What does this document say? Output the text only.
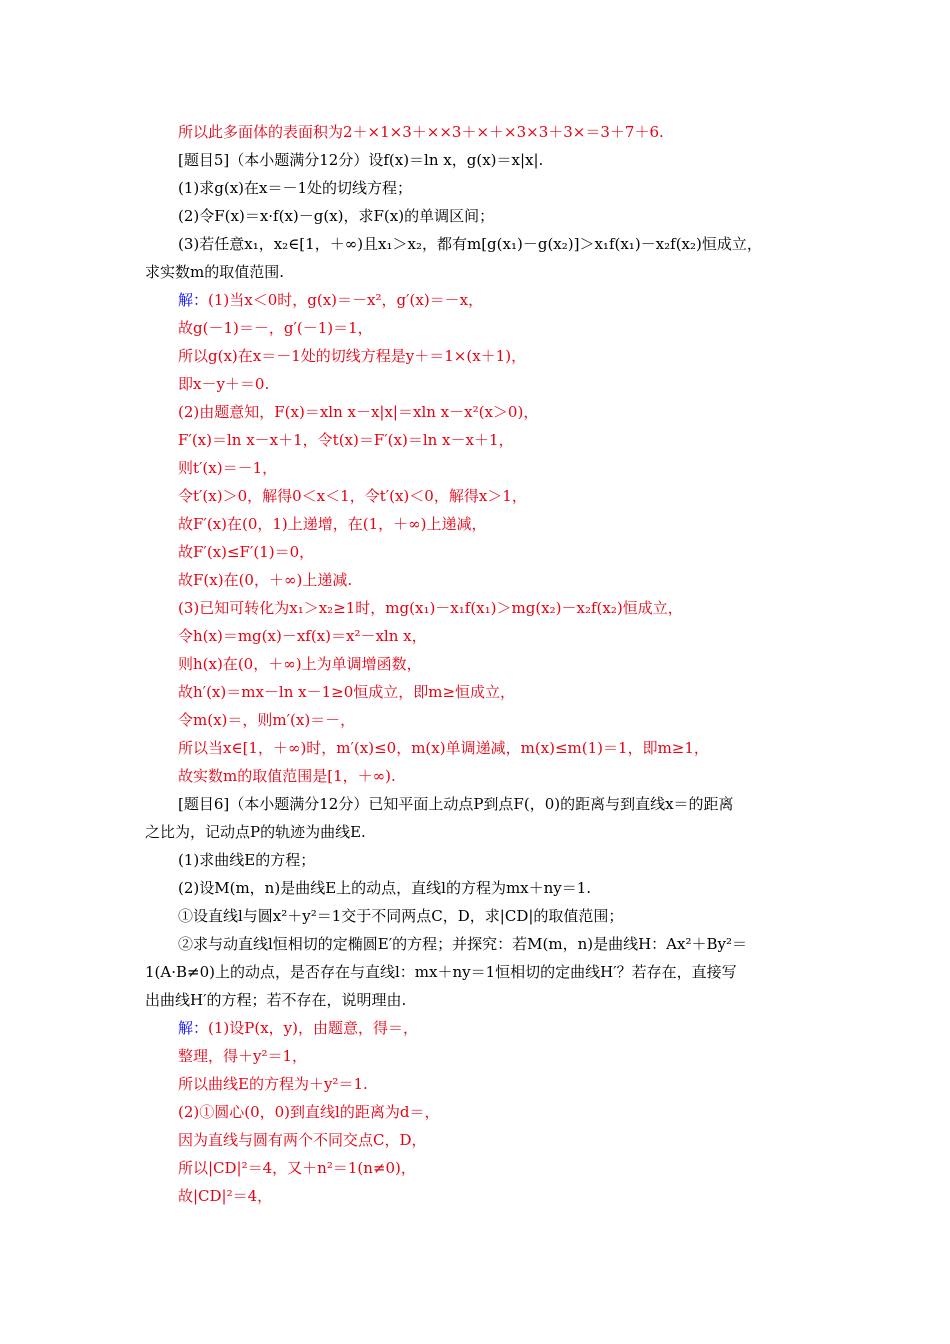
所以此多面体的表面积为2＋×1×3＋××3＋×＋×3×3＋3×＝3＋7＋6.
[题目5]（本小题满分12分）设f(x)＝ln x，g(x)＝x|x|.
(1)求g(x)在x＝－1处的切线方程；
(2)令F(x)＝x·f(x)－g(x)，求F(x)的单调区间；
(3)若任意x₁，x₂∈[1，＋∞)且x₁＞x₂，都有m[g(x₁)－g(x₂)]＞x₁f(x₁)－x₂f(x₂)恒成立，
求实数m的取值范围.
解：(1)当x＜0时，g(x)＝－x²，g′(x)＝－x，
故g(－1)＝－，g′(－1)＝1，
所以g(x)在x＝－1处的切线方程是y＋＝1×(x＋1)，
即x－y＋＝0.
(2)由题意知，F(x)＝xln x－x|x|＝xln x－x²(x＞0)，
F′(x)＝ln x－x＋1，令t(x)＝F′(x)＝ln x－x＋1，
则t′(x)＝－1，
令t′(x)＞0，解得0＜x＜1，令t′(x)＜0，解得x＞1，
故F′(x)在(0，1)上递增，在(1，＋∞)上递减，
故F′(x)≤F′(1)＝0，
故F(x)在(0，＋∞)上递减.
(3)已知可转化为x₁＞x₂≥1时，mg(x₁)－x₁f(x₁)＞mg(x₂)－x₂f(x₂)恒成立，
令h(x)＝mg(x)－xf(x)＝x²－xln x，
则h(x)在(0，＋∞)上为单调增函数，
故h′(x)＝mx－ln x－1≥0恒成立，即m≥恒成立，
令m(x)＝，则m′(x)＝－，
所以当x∈[1，＋∞)时，m′(x)≤0，m(x)单调递减，m(x)≤m(1)＝1，即m≥1，
故实数m的取值范围是[1，＋∞).
[题目6]（本小题满分12分）已知平面上动点P到点F(，0)的距离与到直线x＝的距离
之比为，记动点P的轨迹为曲线E.
(1)求曲线E的方程；
(2)设M(m，n)是曲线E上的动点，直线l的方程为mx＋ny＝1.
①设直线l与圆x²＋y²＝1交于不同两点C，D，求|CD|的取值范围；
②求与动直线l恒相切的定椭圆E′的方程；并探究：若M(m，n)是曲线H：Ax²＋By²＝
1(A·B≠0)上的动点，是否存在与直线l：mx＋ny＝1恒相切的定曲线H′？若存在，直接写
出曲线H′的方程；若不存在，说明理由.
解：(1)设P(x，y)，由题意，得＝，
整理，得＋y²＝1，
所以曲线E的方程为＋y²＝1.
(2)①圆心(0，0)到直线l的距离为d＝，
因为直线与圆有两个不同交点C，D，
所以|CD|²＝4，又＋n²＝1(n≠0)，
故|CD|²＝4，
